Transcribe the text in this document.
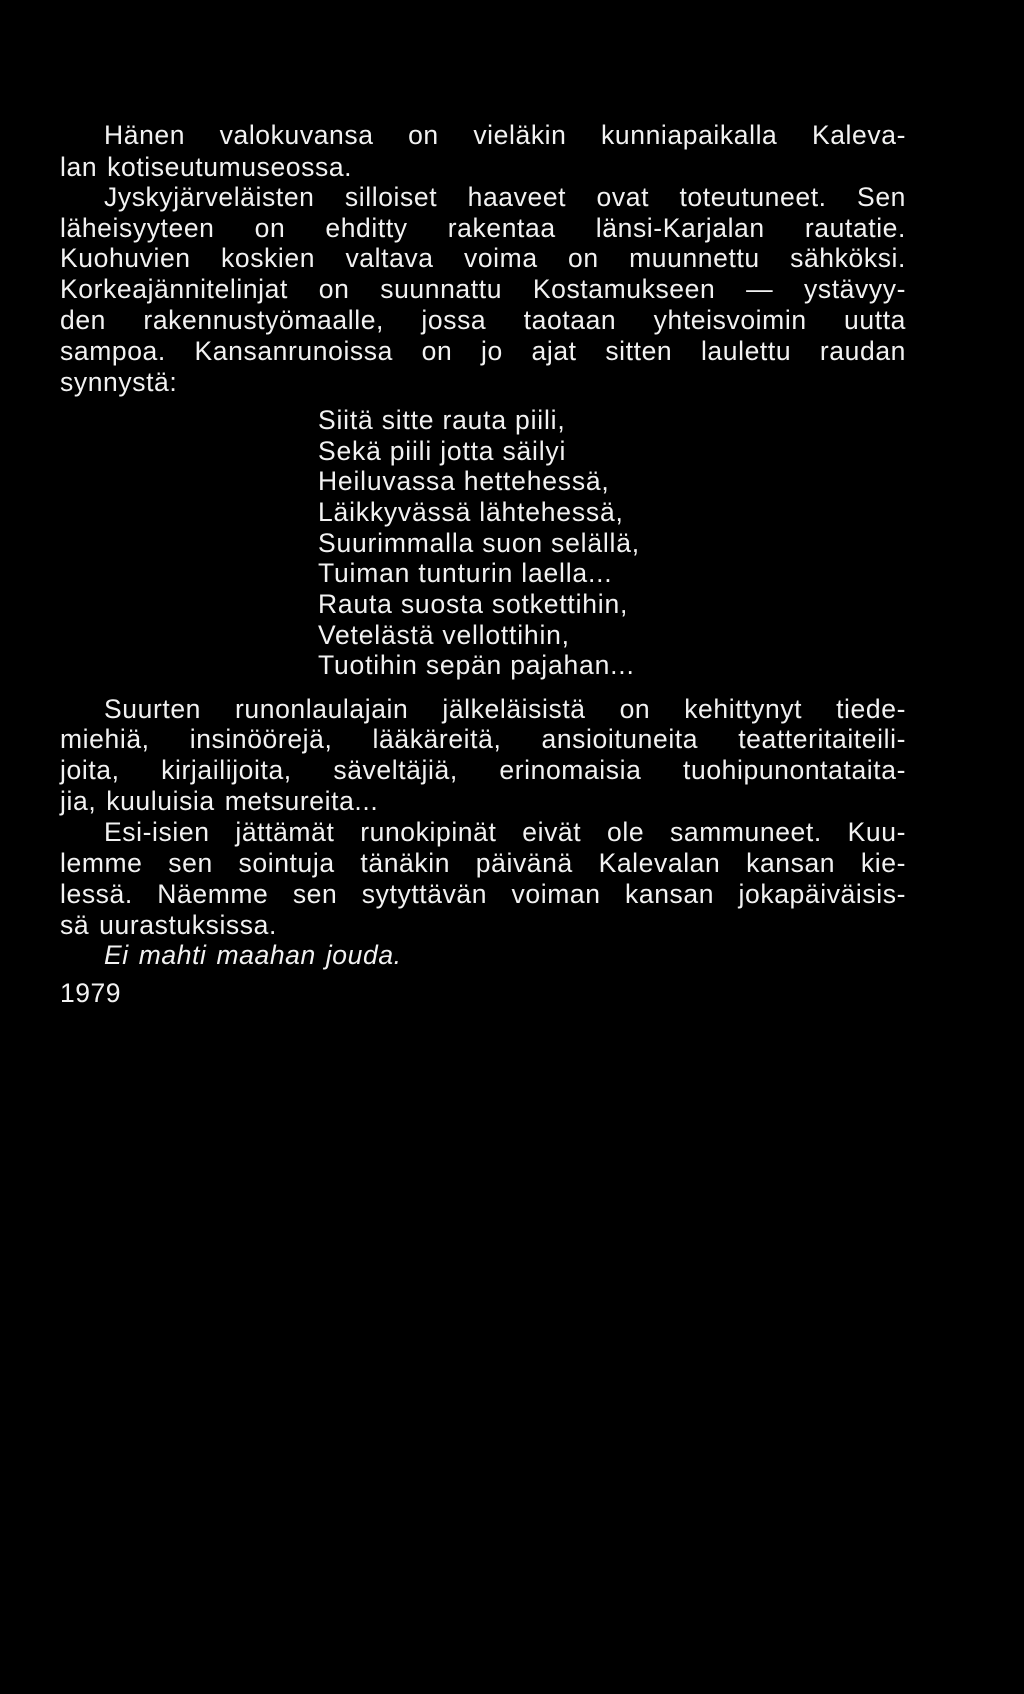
Hänen valokuvansa on vieläkin kunniapaikalla Kaleva-
lan kotiseutumuseossa.
Jyskyjärveläisten silloiset haaveet ovat toteutuneet. Sen
läheisyyteen on ehditty rakentaa länsi-Karjalan rautatie.
Kuohuvien koskien valtava voima on muunnettu sähköksi.
Korkeajännitelinjat on suunnattu Kostamukseen — ystävyy-
den rakennustyömaalle, jossa taotaan yhteisvoimin uutta
sampoa. Kansanrunoissa on jo ajat sitten laulettu raudan
synnystä:
Siitä sitte rauta piili,
Sekä piili jotta säilyi
Heiluvassa hettehessä,
Läikkyvässä lähtehessä,
Suurimmalla suon selällä,
Tuiman tunturin laella...
Rauta suosta sotkettihin,
Vetelästä vellottihin,
Tuotihin sepän pajahan...
Suurten runonlaulajain jälkeläisistä on kehittynyt tiede-
miehiä, insinöörejä, lääkäreitä, ansioituneita teatteritaiteili-
joita, kirjailijoita, säveltäjiä, erinomaisia tuohipunontataita-
jia, kuuluisia metsureita...
Esi-isien jättämät runokipinät eivät ole sammuneet. Kuu-
lemme sen sointuja tänäkin päivänä Kalevalan kansan kie-
lessä. Näemme sen sytyttävän voiman kansan jokapäiväisis-
sä uurastuksissa.
Ei mahti maahan jouda.
1979
